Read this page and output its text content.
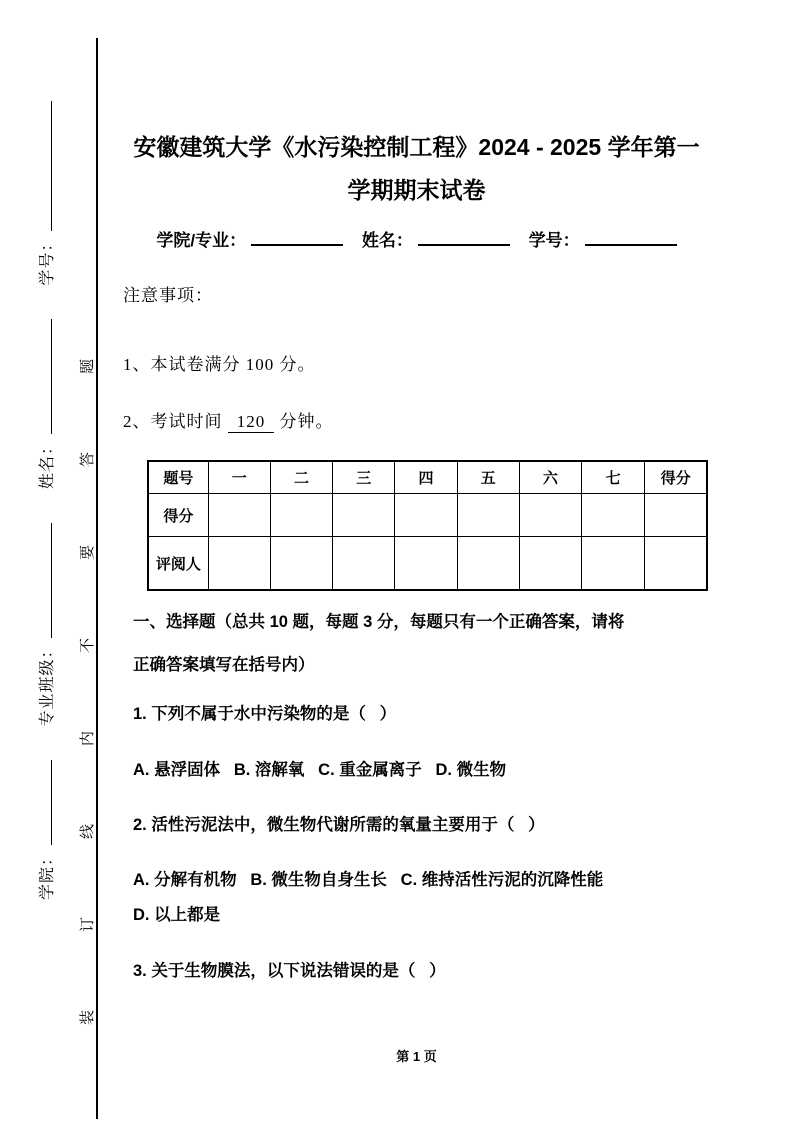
学院： 专业班级： 姓名： 学号：
装订线内不要答题
安徽建筑大学《水污染控制工程》2024 - 2025 学年第一学期期末试卷
学院/专业：	姓名：	学号：
注意事项：
1、本试卷满分 100 分。
2、考试时间 120 分钟。
题号	一	二	三	四	五	六	七	得分
得分								
评阅人								
一、选择题（总共 10 题，每题 3 分，每题只有一个正确答案，请将
正确答案填写在括号内）
1. 下列不属于水中污染物的是（   ）
A. 悬浮固体   B. 溶解氧   C. 重金属离子   D. 微生物
2. 活性污泥法中，微生物代谢所需的氧量主要用于（   ）
A. 分解有机物   B. 微生物自身生长   C. 维持活性污泥的沉降性能
D. 以上都是
3. 关于生物膜法，以下说法错误的是（   ）
第 1 页
